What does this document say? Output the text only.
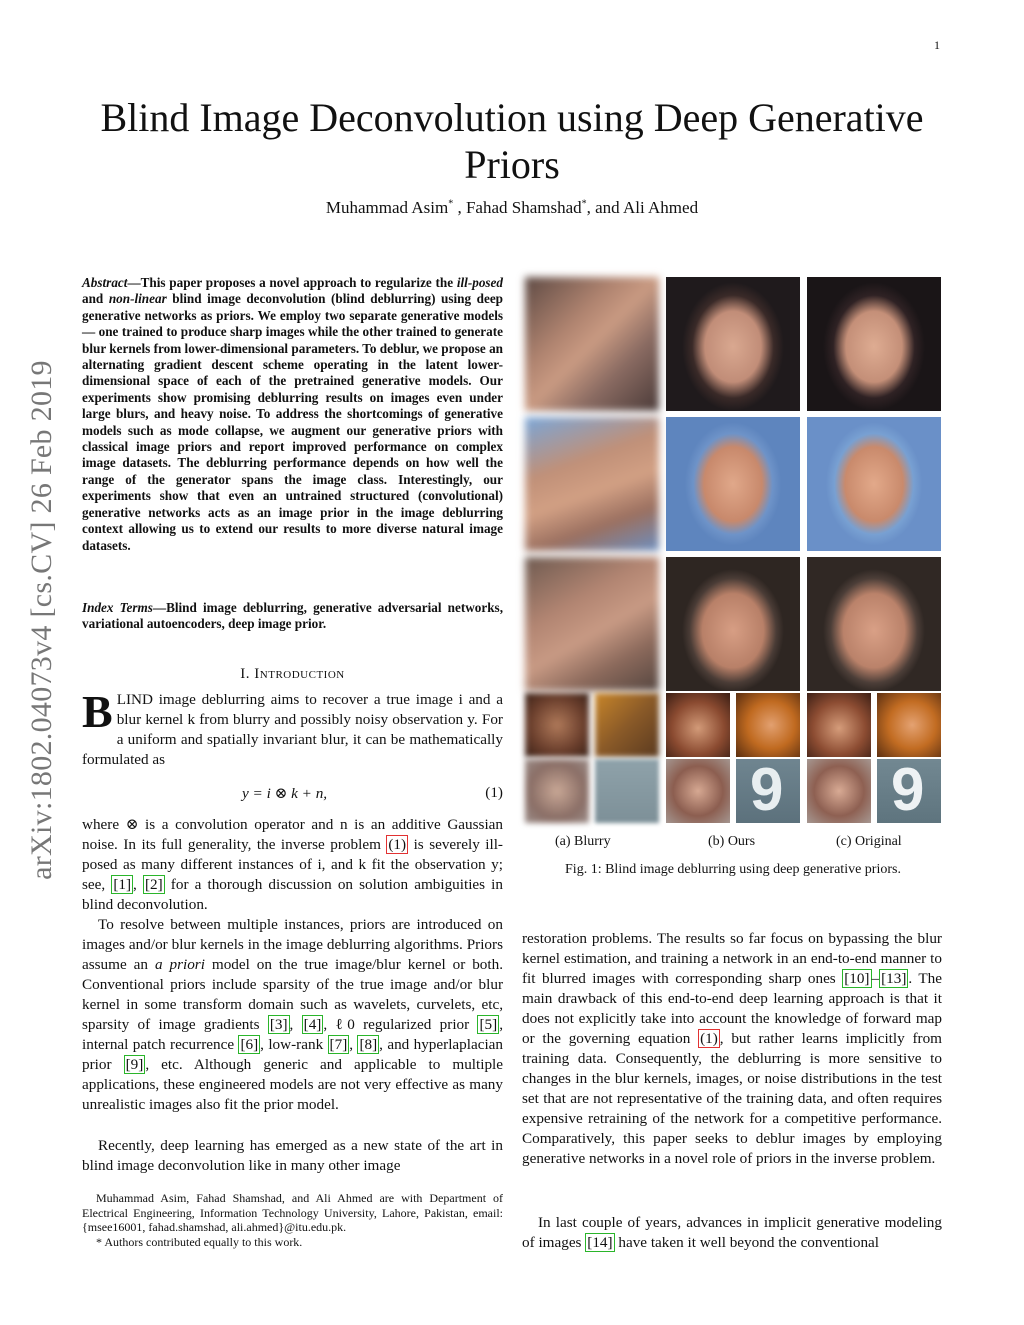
1
arXiv:1802.04073v4 [cs.CV] 26 Feb 2019
Blind Image Deconvolution using Deep Generative Priors
Muhammad Asim* , Fahad Shamshad*, and Ali Ahmed
Abstract—This paper proposes a novel approach to regularize the ill-posed and non-linear blind image deconvolution (blind deblurring) using deep generative networks as priors. We employ two separate generative models — one trained to produce sharp images while the other trained to generate blur kernels from lower-dimensional parameters. To deblur, we propose an alternating gradient descent scheme operating in the latent lower-dimensional space of each of the pretrained generative models. Our experiments show promising deblurring results on images even under large blurs, and heavy noise. To address the shortcomings of generative models such as mode collapse, we augment our generative priors with classical image priors and report improved performance on complex image datasets. The deblurring performance depends on how well the range of the generator spans the image class. Interestingly, our experiments show that even an untrained structured (convolutional) generative networks acts as an image prior in the image deblurring context allowing us to extend our results to more diverse natural image datasets.
Index Terms—Blind image deblurring, generative adversarial networks, variational autoencoders, deep image prior.
I. Introduction
BLIND image deblurring aims to recover a true image i and a blur kernel k from blurry and possibly noisy observation y. For a uniform and spatially invariant blur, it can be mathematically formulated as
y = i ⊗ k + n,	(1)
where ⊗ is a convolution operator and n is an additive Gaussian noise. In its full generality, the inverse problem (1) is severely ill-posed as many different instances of i, and k fit the observation y; see, [1] , [2] for a thorough discussion on solution ambiguities in blind deconvolution.
To resolve between multiple instances, priors are introduced on images and/or blur kernels in the image deblurring algorithms. Priors assume an a priori model on the true image/blur kernel or both. Conventional priors include sparsity of the true image and/or blur kernel in some transform domain such as wavelets, curvelets, etc, sparsity of image gradients [3] , [4] , ℓ0 regularized prior [5] , internal patch recurrence [6] , low-rank [7] , [8] , and hyperlaplacian prior [9] , etc. Although generic and applicable to multiple applications, these engineered models are not very effective as many unrealistic images also fit the prior model.
Recently, deep learning has emerged as a new state of the art in blind image deconvolution like in many other image
Muhammad Asim, Fahad Shamshad, and Ali Ahmed are with Department of Electrical Engineering, Information Technology University, Lahore, Pakistan, email: {msee16001, fahad.shamshad, ali.ahmed}@itu.edu.pk.
* Authors contributed equally to this work.
9 9
(a) Blurry	(b) Ours	(c) Original
Fig. 1: Blind image deblurring using deep generative priors.
restoration problems. The results so far focus on bypassing the blur kernel estimation, and training a network in an end-to-end manner to fit blurred images with corresponding sharp ones [10] – [13] . The main drawback of this end-to-end deep learning approach is that it does not explicitly take into account the knowledge of forward map or the governing equation (1) , but rather learns implicitly from training data. Consequently, the deblurring is more sensitive to changes in the blur kernels, images, or noise distributions in the test set that are not representative of the training data, and often requires expensive retraining of the network for a competitive performance. Comparatively, this paper seeks to deblur images by employing generative networks in a novel role of priors in the inverse problem.
In last couple of years, advances in implicit generative modeling of images [14] have taken it well beyond the conventional
